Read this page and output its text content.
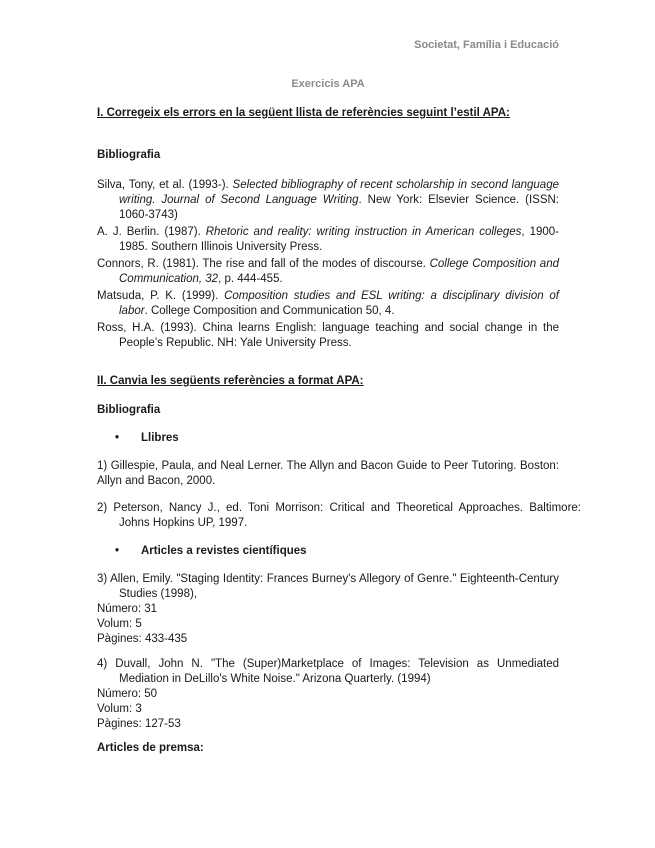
Societat, Família i Educació
Exercicis APA
I. Corregeix els errors en la següent llista de referències seguint l’estil APA:
Bibliografia

Silva, Tony, et al. (1993-). Selected bibliography of recent scholarship in second language writing. Journal of Second Language Writing. New York: Elsevier Science. (ISSN: 1060-3743)

A. J. Berlin. (1987). Rhetoric and reality: writing instruction in American colleges, 1900-1985. Southern Illinois University Press.

Connors, R. (1981). The rise and fall of the modes of discourse. College Composition and Communication, 32, p. 444-455.

Matsuda, P. K. (1999). Composition studies and ESL writing: a disciplinary division of labor. College Composition and Communication 50, 4.

Ross, H.A. (1993). China learns English: language teaching and social change in the People’s Republic. NH: Yale University Press.

II. Canvia les següents referències a format APA:
Bibliografia
• Llibres
1) Gillespie, Paula, and Neal Lerner. The Allyn and Bacon Guide to Peer Tutoring. Boston: Allyn and Bacon, 2000.
2) Peterson, Nancy J., ed. Toni Morrison: Critical and Theoretical Approaches. Baltimore: Johns Hopkins UP, 1997.
• Articles a revistes científiques
3) Allen, Emily. "Staging Identity: Frances Burney's Allegory of Genre." Eighteenth-Century Studies (1998),
Número: 31
Volum: 5
Pàgines: 433-435
4) Duvall, John N. "The (Super)Marketplace of Images: Television as Unmediated Mediation in DeLillo's White Noise." Arizona Quarterly. (1994)
Número: 50
Volum: 3
Pàgines: 127-53
Articles de premsa:
